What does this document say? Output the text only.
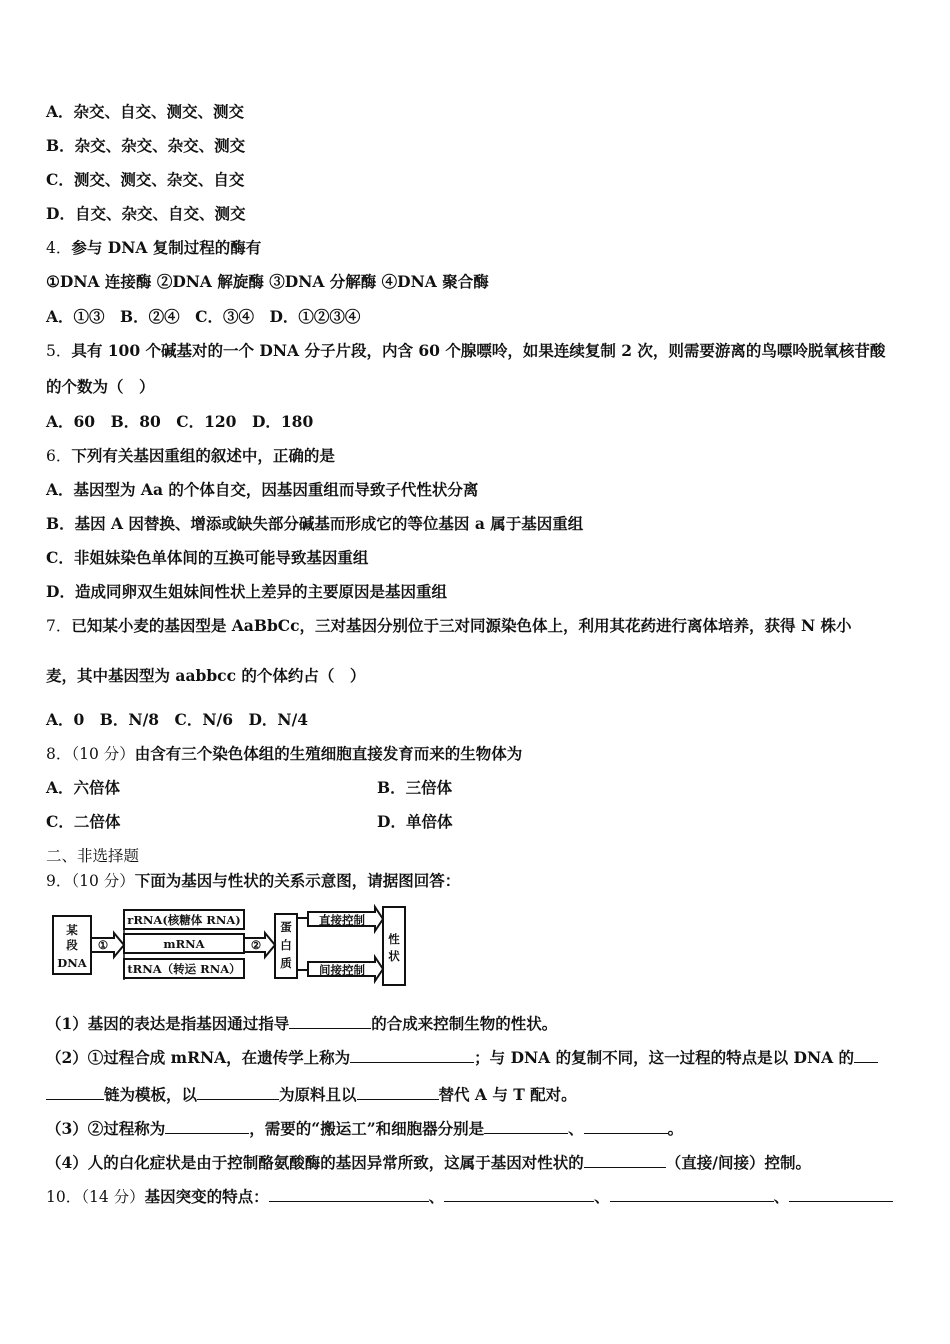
A．杂交、自交、测交、测交
B．杂交、杂交、杂交、测交
C．测交、测交、杂交、自交
D．自交、杂交、自交、测交
4．参与 DNA 复制过程的酶有
①DNA 连接酶 ②DNA 解旋酶 ③DNA 分解酶 ④DNA 聚合酶
A．①③　B．②④　C．③④　D．①②③④
5．具有 100 个碱基对的一个 DNA 分子片段，内含 60 个腺嘌呤，如果连续复制 2 次，则需要游离的鸟嘌呤脱氧核苷酸
的个数为（　）
A．60　B．80　C．120　D．180
6．下列有关基因重组的叙述中，正确的是
A．基因型为 Aa 的个体自交，因基因重组而导致子代性状分离
B．基因 A 因替换、增添或缺失部分碱基而形成它的等位基因 a 属于基因重组
C．非姐妹染色单体间的互换可能导致基因重组
D．造成同卵双生姐妹间性状上差异的主要原因是基因重组
7．已知某小麦的基因型是 AaBbCc，三对基因分别位于三对同源染色体上，利用其花药进行离体培养，获得 N 株小
麦，其中基因型为 aabbcc 的个体约占（　）
A．0　B．N/8　C．N/6　D．N/4
8．（10 分）由含有三个染色体组的生殖细胞直接发育而来的生物体为
A．六倍体	B．三倍体
C．二倍体	D．单倍体
二、非选择题
9．（10 分）下面为基因与性状的关系示意图，请据图回答：
某
段
DNA
①
rRNA(核糖体 RNA)
mRNA
tRNA（转运 RNA）
②
蛋
白
质
直接控制
间接控制
性
状
（1）基因的表达是指基因通过指导	的合成来控制生物的性状。
（2）①过程合成 mRNA，在遗传学上称为	；与 DNA 的复制不同，这一过程的特点是以 DNA 的
链为模板，以	为原料且以	替代 A 与 T 配对。
（3）②过程称为	，需要的“搬运工”和细胞器分别是	、	。
（4）人的白化症状是由于控制酪氨酸酶的基因异常所致，这属于基因对性状的	（直接/间接）控制。
10．（14 分）基因突变的特点：	、	、	、
